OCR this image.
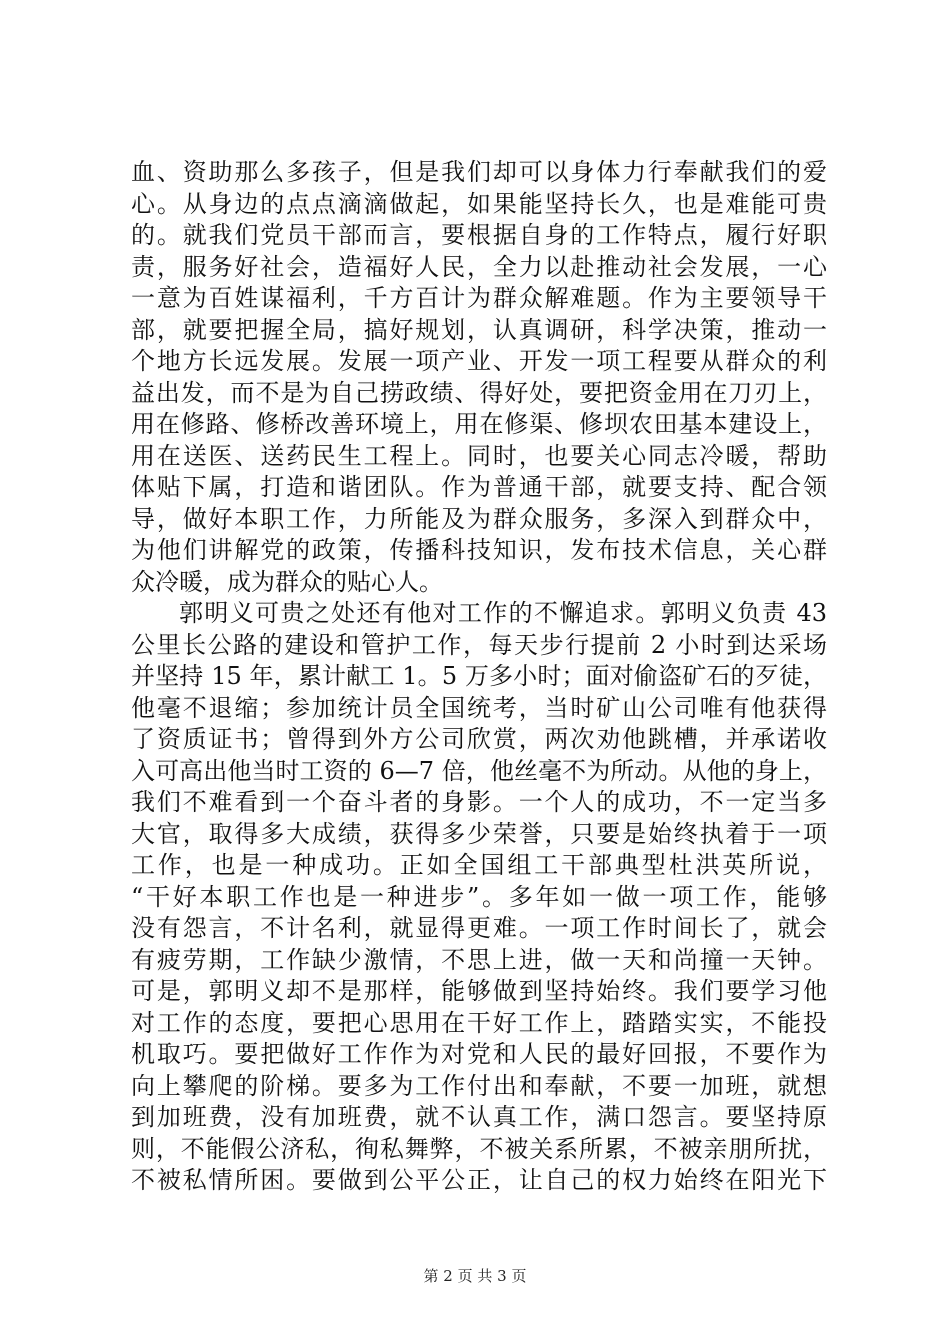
血、资助那么多孩子，但是我们却可以身体力行奉献我们的爱
心。从身边的点点滴滴做起，如果能坚持长久，也是难能可贵
的。就我们党员干部而言，要根据自身的工作特点，履行好职
责，服务好社会，造福好人民，全力以赴推动社会发展，一心
一意为百姓谋福利，千方百计为群众解难题。作为主要领导干
部，就要把握全局，搞好规划，认真调研，科学决策，推动一
个地方长远发展。发展一项产业、开发一项工程要从群众的利
益出发，而不是为自己捞政绩、得好处，要把资金用在刀刃上，
用在修路、修桥改善环境上，用在修渠、修坝农田基本建设上，
用在送医、送药民生工程上。同时，也要关心同志冷暖，帮助
体贴下属，打造和谐团队。作为普通干部，就要支持、配合领
导，做好本职工作，力所能及为群众服务，多深入到群众中，
为他们讲解党的政策，传播科技知识，发布技术信息，关心群
众冷暖，成为群众的贴心人。
郭明义可贵之处还有他对工作的不懈追求。郭明义负责 43
公里长公路的建设和管护工作，每天步行提前 2 小时到达采场
并坚持 15 年，累计献工 1。5 万多小时；面对偷盗矿石的歹徒，
他毫不退缩；参加统计员全国统考，当时矿山公司唯有他获得
了资质证书；曾得到外方公司欣赏，两次劝他跳槽，并承诺收
入可高出他当时工资的 6—7 倍，他丝毫不为所动。从他的身上，
我们不难看到一个奋斗者的身影。一个人的成功，不一定当多
大官，取得多大成绩，获得多少荣誉，只要是始终执着于一项
工作，也是一种成功。正如全国组工干部典型杜洪英所说，
“干好本职工作也是一种进步”。多年如一做一项工作，能够
没有怨言，不计名利，就显得更难。一项工作时间长了，就会
有疲劳期，工作缺少激情，不思上进，做一天和尚撞一天钟。
可是，郭明义却不是那样，能够做到坚持始终。我们要学习他
对工作的态度，要把心思用在干好工作上，踏踏实实，不能投
机取巧。要把做好工作作为对党和人民的最好回报，不要作为
向上攀爬的阶梯。要多为工作付出和奉献，不要一加班，就想
到加班费，没有加班费，就不认真工作，满口怨言。要坚持原
则，不能假公济私，徇私舞弊，不被关系所累，不被亲朋所扰，
不被私情所困。要做到公平公正，让自己的权力始终在阳光下
第 2 页 共 3 页
